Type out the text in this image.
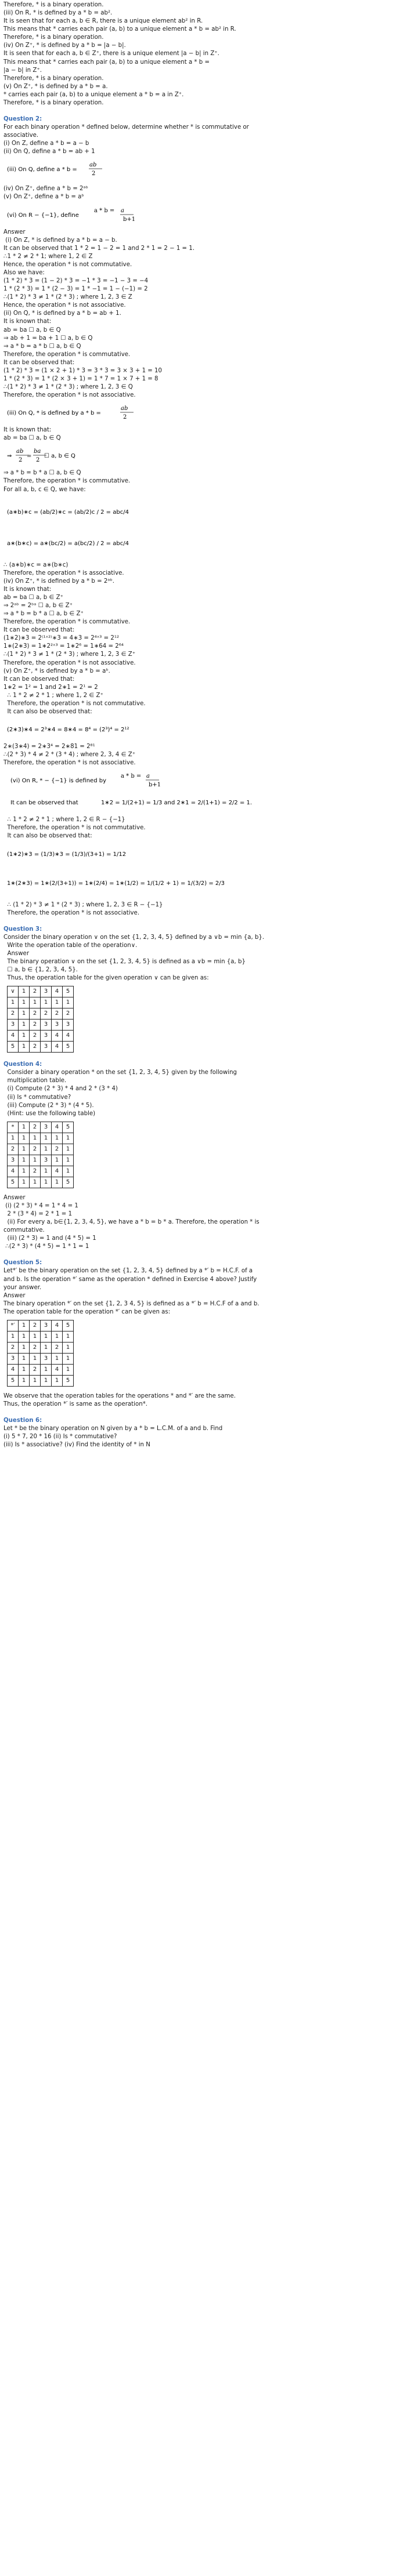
Therefore, * is a binary operation.
(iii) On R, * is defined by a * b = ab².
It is seen that for each a, b ∈ R, there is a unique element ab² in R.
This means that * carries each pair (a, b) to a unique element a * b = ab² in R.
Therefore, * is a binary operation.
(iv) On Z⁺, * is defined by a * b = |a − b|.
It is seen that for each a, b ∈ Z⁺, there is a unique element |a − b| in Z⁺.
This means that * carries each pair (a, b) to a unique element a * b =
|a − b| in Z⁺.
Therefore, * is a binary operation.
(v) On Z⁺, * is defined by a * b = a.
* carries each pair (a, b) to a unique element a * b = a in Z⁺.
Therefore, * is a binary operation.
Question 2:
For each binary operation * defined below, determine whether * is commutative or
associative.
(i) On Z, define a * b = a − b
(ii) On Q, define a * b = ab + 1
(iii) On Q, define a * b =
ab
2
(iv) On Z⁺, define a * b = 2ᵃᵇ
(v) On Z⁺, define a * b = aᵇ
(vi) On R − {−1}, define
a * b = a
b+1
Answer
(i) On Z, * is defined by a * b = a − b.
It can be observed that 1 * 2 = 1 − 2 = 1 and 2 * 1 = 2 − 1 = 1.
∴1 * 2 ≠ 2 * 1; where 1, 2 ∈ Z
Hence, the operation * is not commutative.
Also we have:
(1 * 2) * 3 = (1 − 2) * 3 = −1 * 3 = −1 − 3 = −4
1 * (2 * 3) = 1 * (2 − 3) = 1 * −1 = 1 − (−1) = 2
∴(1 * 2) * 3 ≠ 1 * (2 * 3) ; where 1, 2, 3 ∈ Z
Hence, the operation * is not associative.
(ii) On Q, * is defined by a * b = ab + 1.
It is known that:
ab = ba ☐ a, b ∈ Q
⇒ ab + 1 = ba + 1 ☐ a, b ∈ Q
⇒ a * b = a * b ☐ a, b ∈ Q
Therefore, the operation * is commutative.
It can be observed that:
(1 * 2) * 3 = (1 × 2 + 1) * 3 = 3 * 3 = 3 × 3 + 1 = 10
1 * (2 * 3) = 1 * (2 × 3 + 1) = 1 * 7 = 1 × 7 + 1 = 8
∴(1 * 2) * 3 ≠ 1 * (2 * 3) ; where 1, 2, 3 ∈ Q
Therefore, the operation * is not associative.
(iii) On Q, * is defined by a * b =
ab
2
It is known that:
ab = ba ☐ a, b ∈ Q
⇒
ab
2
=
ba
2
☐ a, b ∈ Q
⇒ a * b = b * a ☐ a, b ∈ Q
Therefore, the operation * is commutative.
For all a, b, c ∈ Q, we have:
(a∗b)∗c = (ab/2)∗c = (ab/2)c / 2 = abc/4
a∗(b∗c) = a∗(bc/2) = a(bc/2) / 2 = abc/4
∴ (a∗b)∗c = a∗(b∗c)
Therefore, the operation * is associative.
(iv) On Z⁺, * is defined by a * b = 2ᵃᵇ.
It is known that:
ab = ba ☐ a, b ∈ Z⁺
⇒ 2ᵃᵇ = 2ᵇᵃ ☐ a, b ∈ Z⁺
⇒ a * b = b * a ☐ a, b ∈ Z⁺
Therefore, the operation * is commutative.
It can be observed that:
(1∗2)∗3 = 2⁽¹ˣ²⁾∗3 = 4∗3 = 2⁴ˣ³ = 2¹²
1∗(2∗3) = 1∗2²ˣ³ = 1∗2⁶ = 1∗64 = 2⁶⁴
∴(1 * 2) * 3 ≠ 1 * (2 * 3) ; where 1, 2, 3 ∈ Z⁺
Therefore, the operation * is not associative.
(v) On Z⁺, * is defined by a * b = aᵇ.
It can be observed that:
1∗2 = 1² = 1 and 2∗1 = 2¹ = 2
∴ 1 * 2 ≠ 2 * 1 ; where 1, 2 ∈ Z⁺
Therefore, the operation * is not commutative.
It can also be observed that:
(2∗3)∗4 = 2³∗4 = 8∗4 = 8⁴ = (2³)⁴ = 2¹²
2∗(3∗4) = 2∗3⁴ = 2∗81 = 2⁸¹
∴(2 * 3) * 4 ≠ 2 * (3 * 4) ; where 2, 3, 4 ∈ Z⁺
Therefore, the operation * is not associative.
(vi) On R, * − {−1} is defined by
a * b = a
b+1
It can be observed that	1∗2 = 1/(2+1) = 1/3 and 2∗1 = 2/(1+1) = 2/2 = 1.
∴ 1 * 2 ≠ 2 * 1 ; where 1, 2 ∈ R − {−1}
Therefore, the operation * is not commutative.
It can also be observed that:
(1∗2)∗3 = (1/3)∗3 = (1/3)/(3+1) = 1/12
1∗(2∗3) = 1∗(2/(3+1)) = 1∗(2/4) = 1∗(1/2) = 1/(1/2 + 1) = 1/(3/2) = 2/3
∴ (1 * 2) * 3 ≠ 1 * (2 * 3) ; where 1, 2, 3 ∈ R − {−1}
Therefore, the operation * is not associative.
Question 3:
Consider the binary operation ∨ on the set {1, 2, 3, 4, 5} defined by a ∨b = min {a, b}.
Write the operation table of the operation∨.
Answer
The binary operation ∨ on the set {1, 2, 3, 4, 5} is defined as a ∨b = min {a, b}
☐ a, b ∈ {1, 2, 3, 4, 5}.
Thus, the operation table for the given operation ∨ can be given as:
∨	1	2	3	4	5
1	1	1	1	1	1
2	1	2	2	2	2
3	1	2	3	3	3
4	1	2	3	4	4
5	1	2	3	4	5
Question 4:
Consider a binary operation * on the set {1, 2, 3, 4, 5} given by the following
multiplication table.
(i) Compute (2 * 3) * 4 and 2 * (3 * 4)
(ii) Is * commutative?
(iii) Compute (2 * 3) * (4 * 5).
(Hint: use the following table)
*	1	2	3	4	5
1	1	1	1	1	1
2	1	2	1	2	1
3	1	1	3	1	1
4	1	2	1	4	1
5	1	1	1	1	5
Answer
(i) (2 * 3) * 4 = 1 * 4 = 1
2 * (3 * 4) = 2 * 1 = 1
(ii) For every a, b∈{1, 2, 3, 4, 5}, we have a * b = b * a. Therefore, the operation * is
commutative.
(iii) (2 * 3) = 1 and (4 * 5) = 1
∴(2 * 3) * (4 * 5) = 1 * 1 = 1
Question 5:
Let*′ be the binary operation on the set {1, 2, 3, 4, 5} defined by a *′ b = H.C.F. of a
and b. Is the operation *′ same as the operation * defined in Exercise 4 above? Justify
your answer.
Answer
The binary operation *′ on the set {1, 2, 3 4, 5} is defined as a *′ b = H.C.F of a and b.
The operation table for the operation *′ can be given as:
*′	1	2	3	4	5
1	1	1	1	1	1
2	1	2	1	2	1
3	1	1	3	1	1
4	1	2	1	4	1
5	1	1	1	1	5
We observe that the operation tables for the operations * and *′ are the same.
Thus, the operation *′ is same as the operation*.
Question 6:
Let * be the binary operation on N given by a * b = L.C.M. of a and b. Find
(i) 5 * 7, 20 * 16 (ii) Is * commutative?
(iii) Is * associative? (iv) Find the identity of * in N
